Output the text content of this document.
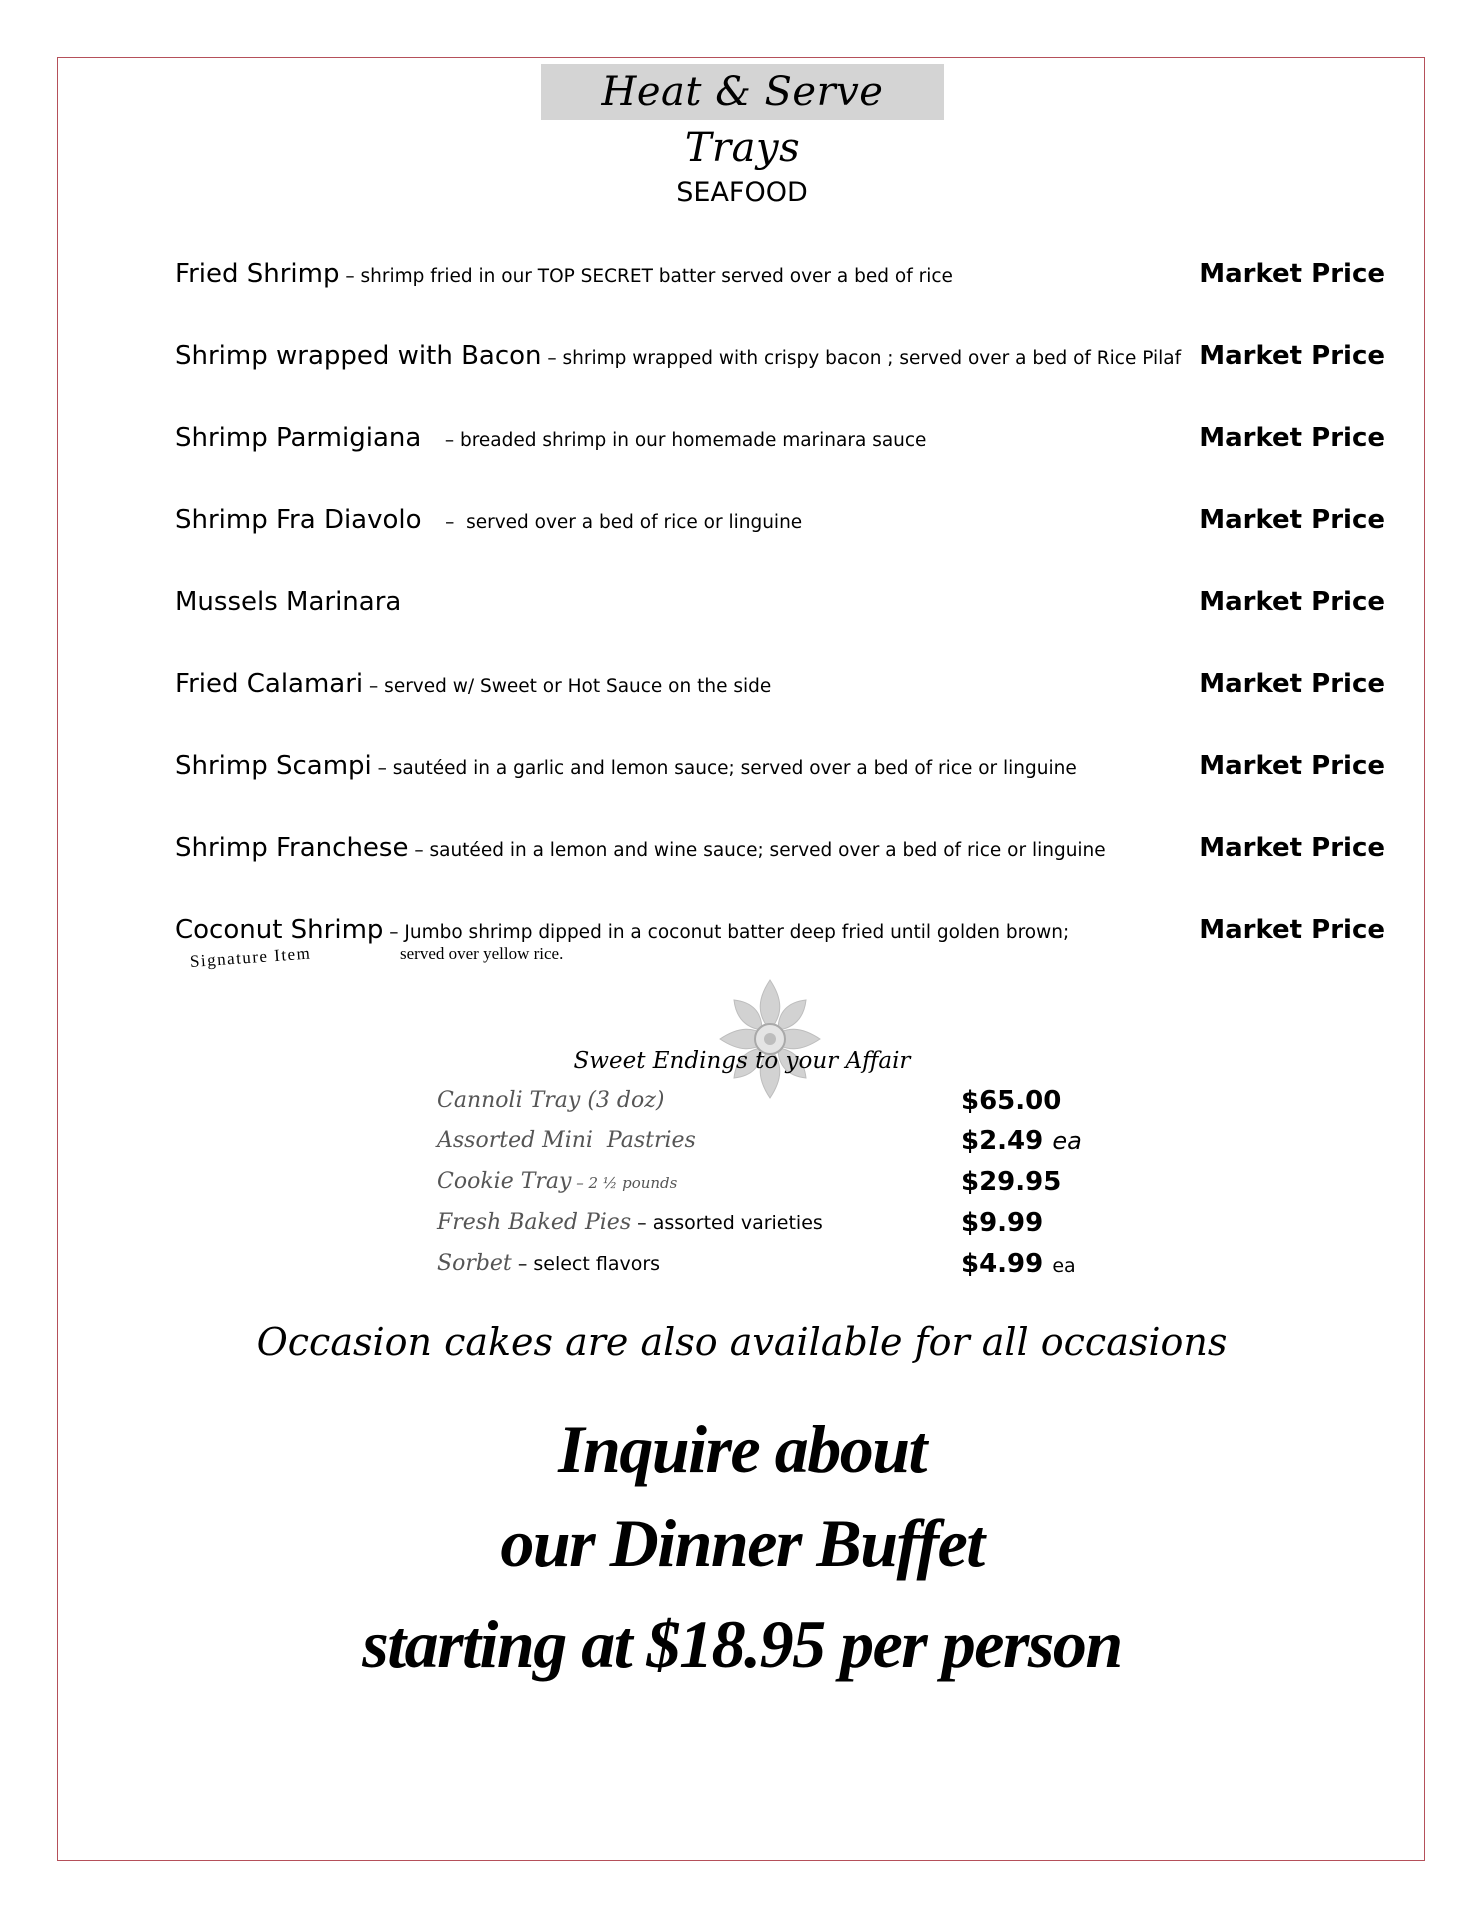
Heat & Serve Trays
SEAFOOD
Fried Shrimp – shrimp fried in our TOP SECRET batter served over a bed of rice	Market Price
Shrimp wrapped with Bacon – shrimp wrapped with crispy bacon ; served over a bed of Rice Pilaf Market Price
Shrimp Parmigiana    – breaded shrimp in our homemade marinara sauce	Market Price
Shrimp Fra Diavolo    –  served over a bed of rice or linguine	Market Price
Mussels Marinara	Market Price
Fried Calamari – served w/ Sweet or Hot Sauce on the side	Market Price
Shrimp Scampi – sautéed in a garlic and lemon sauce; served over a bed of rice or linguine	Market Price
Shrimp Franchese – sautéed in a lemon and wine sauce; served over a bed of rice or linguine	Market Price
Coconut Shrimp – Jumbo shrimp dipped in a coconut batter deep fried until golden brown;	Market Price
served over yellow rice.
Signature Item
Sweet Endings to your Affair
Cannoli Tray (3 doz)	$65.00
Assorted Mini  Pastries	$2.49 ea
Cookie Tray – 2 ½ pounds	$29.95
Fresh Baked Pies – assorted varieties	$9.99
Sorbet – select flavors	$4.99 ea
Occasion cakes are also available for all occasions
Inquire about
our Dinner Buffet
starting at $18.95 per person
